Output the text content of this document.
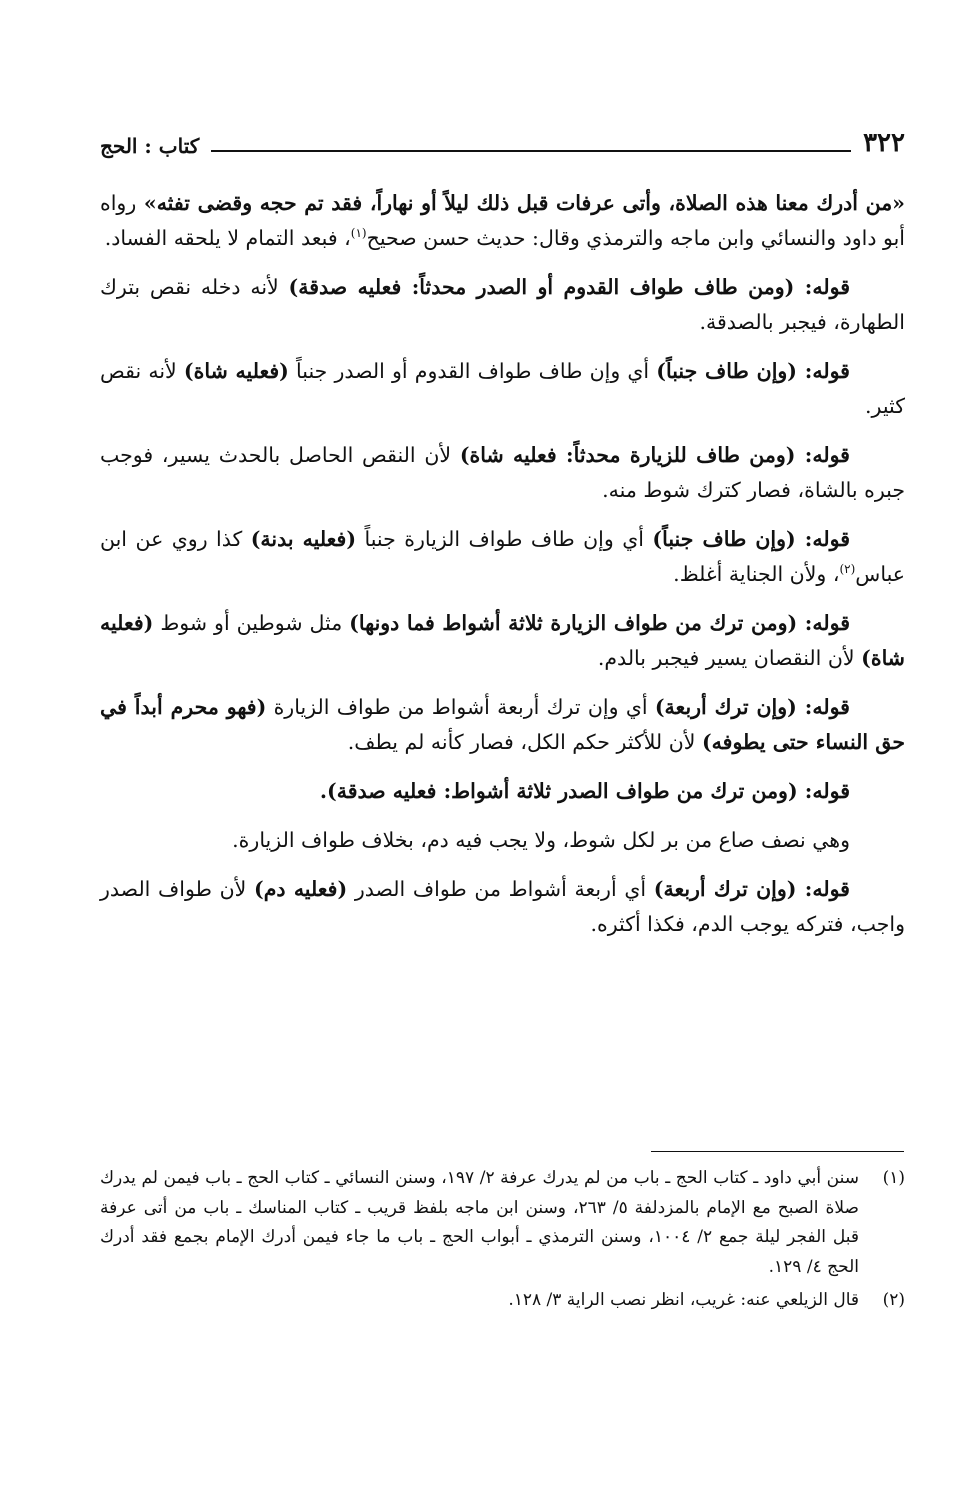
٣٢٢
كتاب : الحج

«من أدرك معنا هذه الصلاة، وأتى عرفات قبل ذلك ليلاً أو نهاراً، فقد تم حجه وقضى تفثه» رواه أبو داود والنسائي وابن ماجه والترمذي وقال: حديث حسن صحيح$^{(١)}$، فبعد التمام لا يلحقه الفساد.

قوله: (ومن طاف طواف القدوم أو الصدر محدثاً: فعليه صدقة) لأنه دخله نقص بترك الطهارة، فيجبر بالصدقة.

قوله: (وإن طاف جنباً) أي وإن طاف طواف القدوم أو الصدر جنباً (فعليه شاة) لأنه نقص كثير.

قوله: (ومن طاف للزيارة محدثاً: فعليه شاة) لأن النقص الحاصل بالحدث يسير، فوجب جبره بالشاة، فصار كترك شوط منه.

قوله: (وإن طاف جنباً) أي وإن طاف طواف الزيارة جنباً (فعليه بدنة) كذا روي عن ابن عباس$^{(٢)}$، ولأن الجناية أغلظ.

قوله: (ومن ترك من طواف الزيارة ثلاثة أشواط فما دونها) مثل شوطين أو شوط (فعليه شاة) لأن النقصان يسير فيجبر بالدم.

قوله: (وإن ترك أربعة) أي وإن ترك أربعة أشواط من طواف الزيارة (فهو محرم أبداً في حق النساء حتى يطوفه) لأن للأكثر حكم الكل، فصار كأنه لم يطف.

قوله: (ومن ترك من طواف الصدر ثلاثة أشواط: فعليه صدقة).

وهي نصف صاع من بر لكل شوط، ولا يجب فيه دم، بخلاف طواف الزيارة.

قوله: (وإن ترك أربعة) أي أربعة أشواط من طواف الصدر (فعليه دم) لأن طواف الصدر واجب، فتركه يوجب الدم، فكذا أكثره.

(١)
سنن أبي داود ـ كتاب الحج ـ باب من لم يدرك عرفة ٢/ ١٩٧، وسنن النسائي ـ كتاب الحج ـ باب فيمن لم يدرك صلاة الصبح مع الإمام بالمزدلفة ٥/ ٢٦٣، وسنن ابن ماجه بلفظ قريب ـ كتاب المناسك ـ باب من أتى عرفة قبل الفجر ليلة جمع ٢/ ١٠٠٤، وسنن الترمذي ـ أبواب الحج ـ باب ما جاء فيمن أدرك الإمام بجمع فقد أدرك الحج ٤/ ١٢٩.
(٢)
قال الزيلعي عنه: غريب، انظر نصب الراية ٣/ ١٢٨.
